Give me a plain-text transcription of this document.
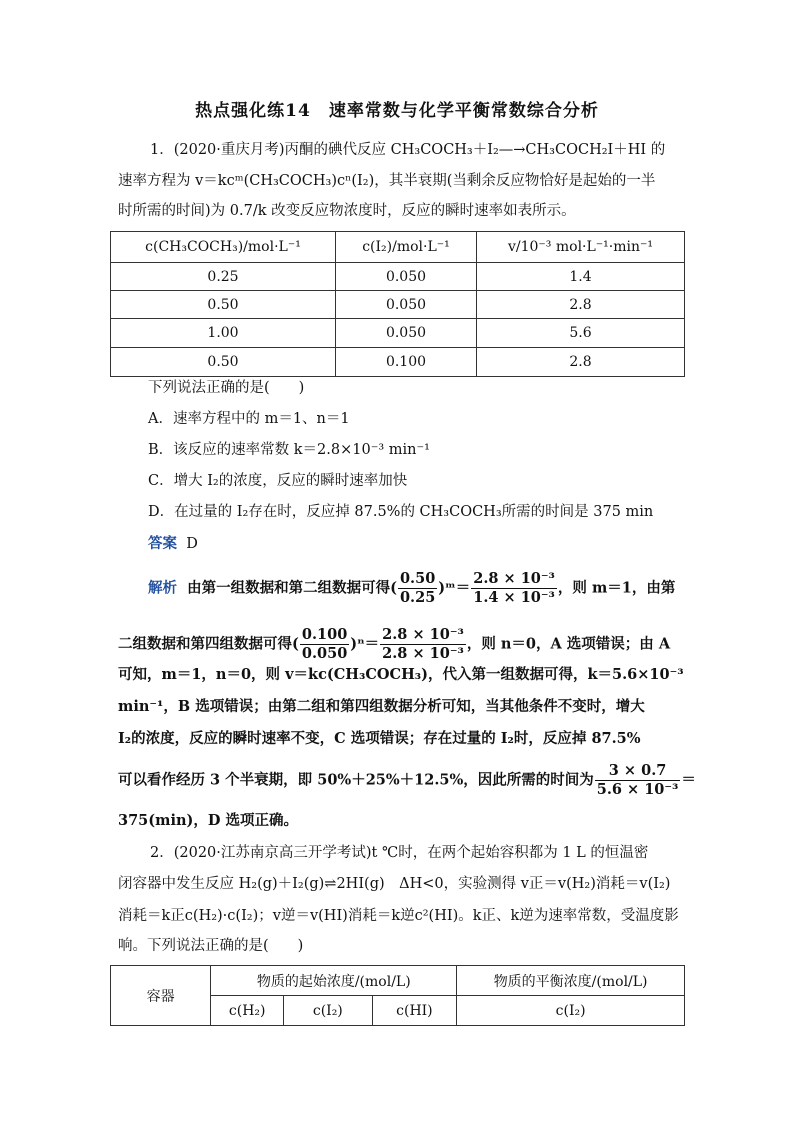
热点强化练14　速率常数与化学平衡常数综合分析
1．(2020·重庆月考)丙酮的碘代反应 CH₃COCH₃＋I₂—→CH₃COCH₂I＋HI 的
速率方程为 v＝kcᵐ(CH₃COCH₃)cⁿ(I₂)，其半衰期(当剩余反应物恰好是起始的一半
时所需的时间)为 0.7/k 改变反应物浓度时，反应的瞬时速率如表所示。
c(CH₃COCH₃)/mol·L⁻¹	c(I₂)/mol·L⁻¹	v/10⁻³ mol·L⁻¹·min⁻¹
0.25	0.050	1.4
0.50	0.050	2.8
1.00	0.050	5.6
0.50	0.100	2.8
下列说法正确的是(　　)
A．速率方程中的 m＝1、n＝1
B．该反应的速率常数 k＝2.8×10⁻³ min⁻¹
C．增大 I₂的浓度，反应的瞬时速率加快
D．在过量的 I₂存在时，反应掉 87.5%的 CH₃COCH₃所需的时间是 375 min
答案 D
解析 由第一组数据和第二组数据可得( $\frac{0.50}{0.25}$ )ᵐ＝ $\frac{\text{2.8 × 10⁻³}}{\text{1.4 × 10⁻³}}$ ，则 m＝1，由第
二组数据和第四组数据可得( $\frac{0.100}{0.050} )^n= \frac{\text{2.8 × 10⁻³}}{\text{2.8 × 10⁻³}}$ ，则 n＝0，A 选项错误；由 A
可知，m＝1，n＝0，则 v＝kc(CH₃COCH₃)，代入第一组数据可得，k＝5.6×10⁻³
min⁻¹，B 选项错误；由第二组和第四组数据分析可知，当其他条件不变时，增大
I₂的浓度，反应的瞬时速率不变，C 选项错误；存在过量的 I₂时，反应掉 87.5%
可以看作经历 3 个半衰期，即 50%＋25%＋12.5%，因此所需的时间为 $\frac{3 \times 0.7}{\text{5.6 × 10⁻³}}$ ＝
375(min)，D 选项正确。
2．(2020·江苏南京高三开学考试)t ℃时，在两个起始容积都为 1 L 的恒温密
闭容器中发生反应 H₂(g)＋I₂(g)⇌2HI(g)　ΔH<0，实验测得 v正＝v(H₂)消耗＝v(I₂)
消耗＝k正c(H₂)·c(I₂)；v逆＝v(HI)消耗＝k逆c²(HI)。k正、k逆为速率常数，受温度影
响。下列说法正确的是(　　)
容器	物质的起始浓度/(mol/L)			物质的平衡浓度/(mol/L)
	c(H₂)	c(I₂)	c(HI)	c(I₂)
